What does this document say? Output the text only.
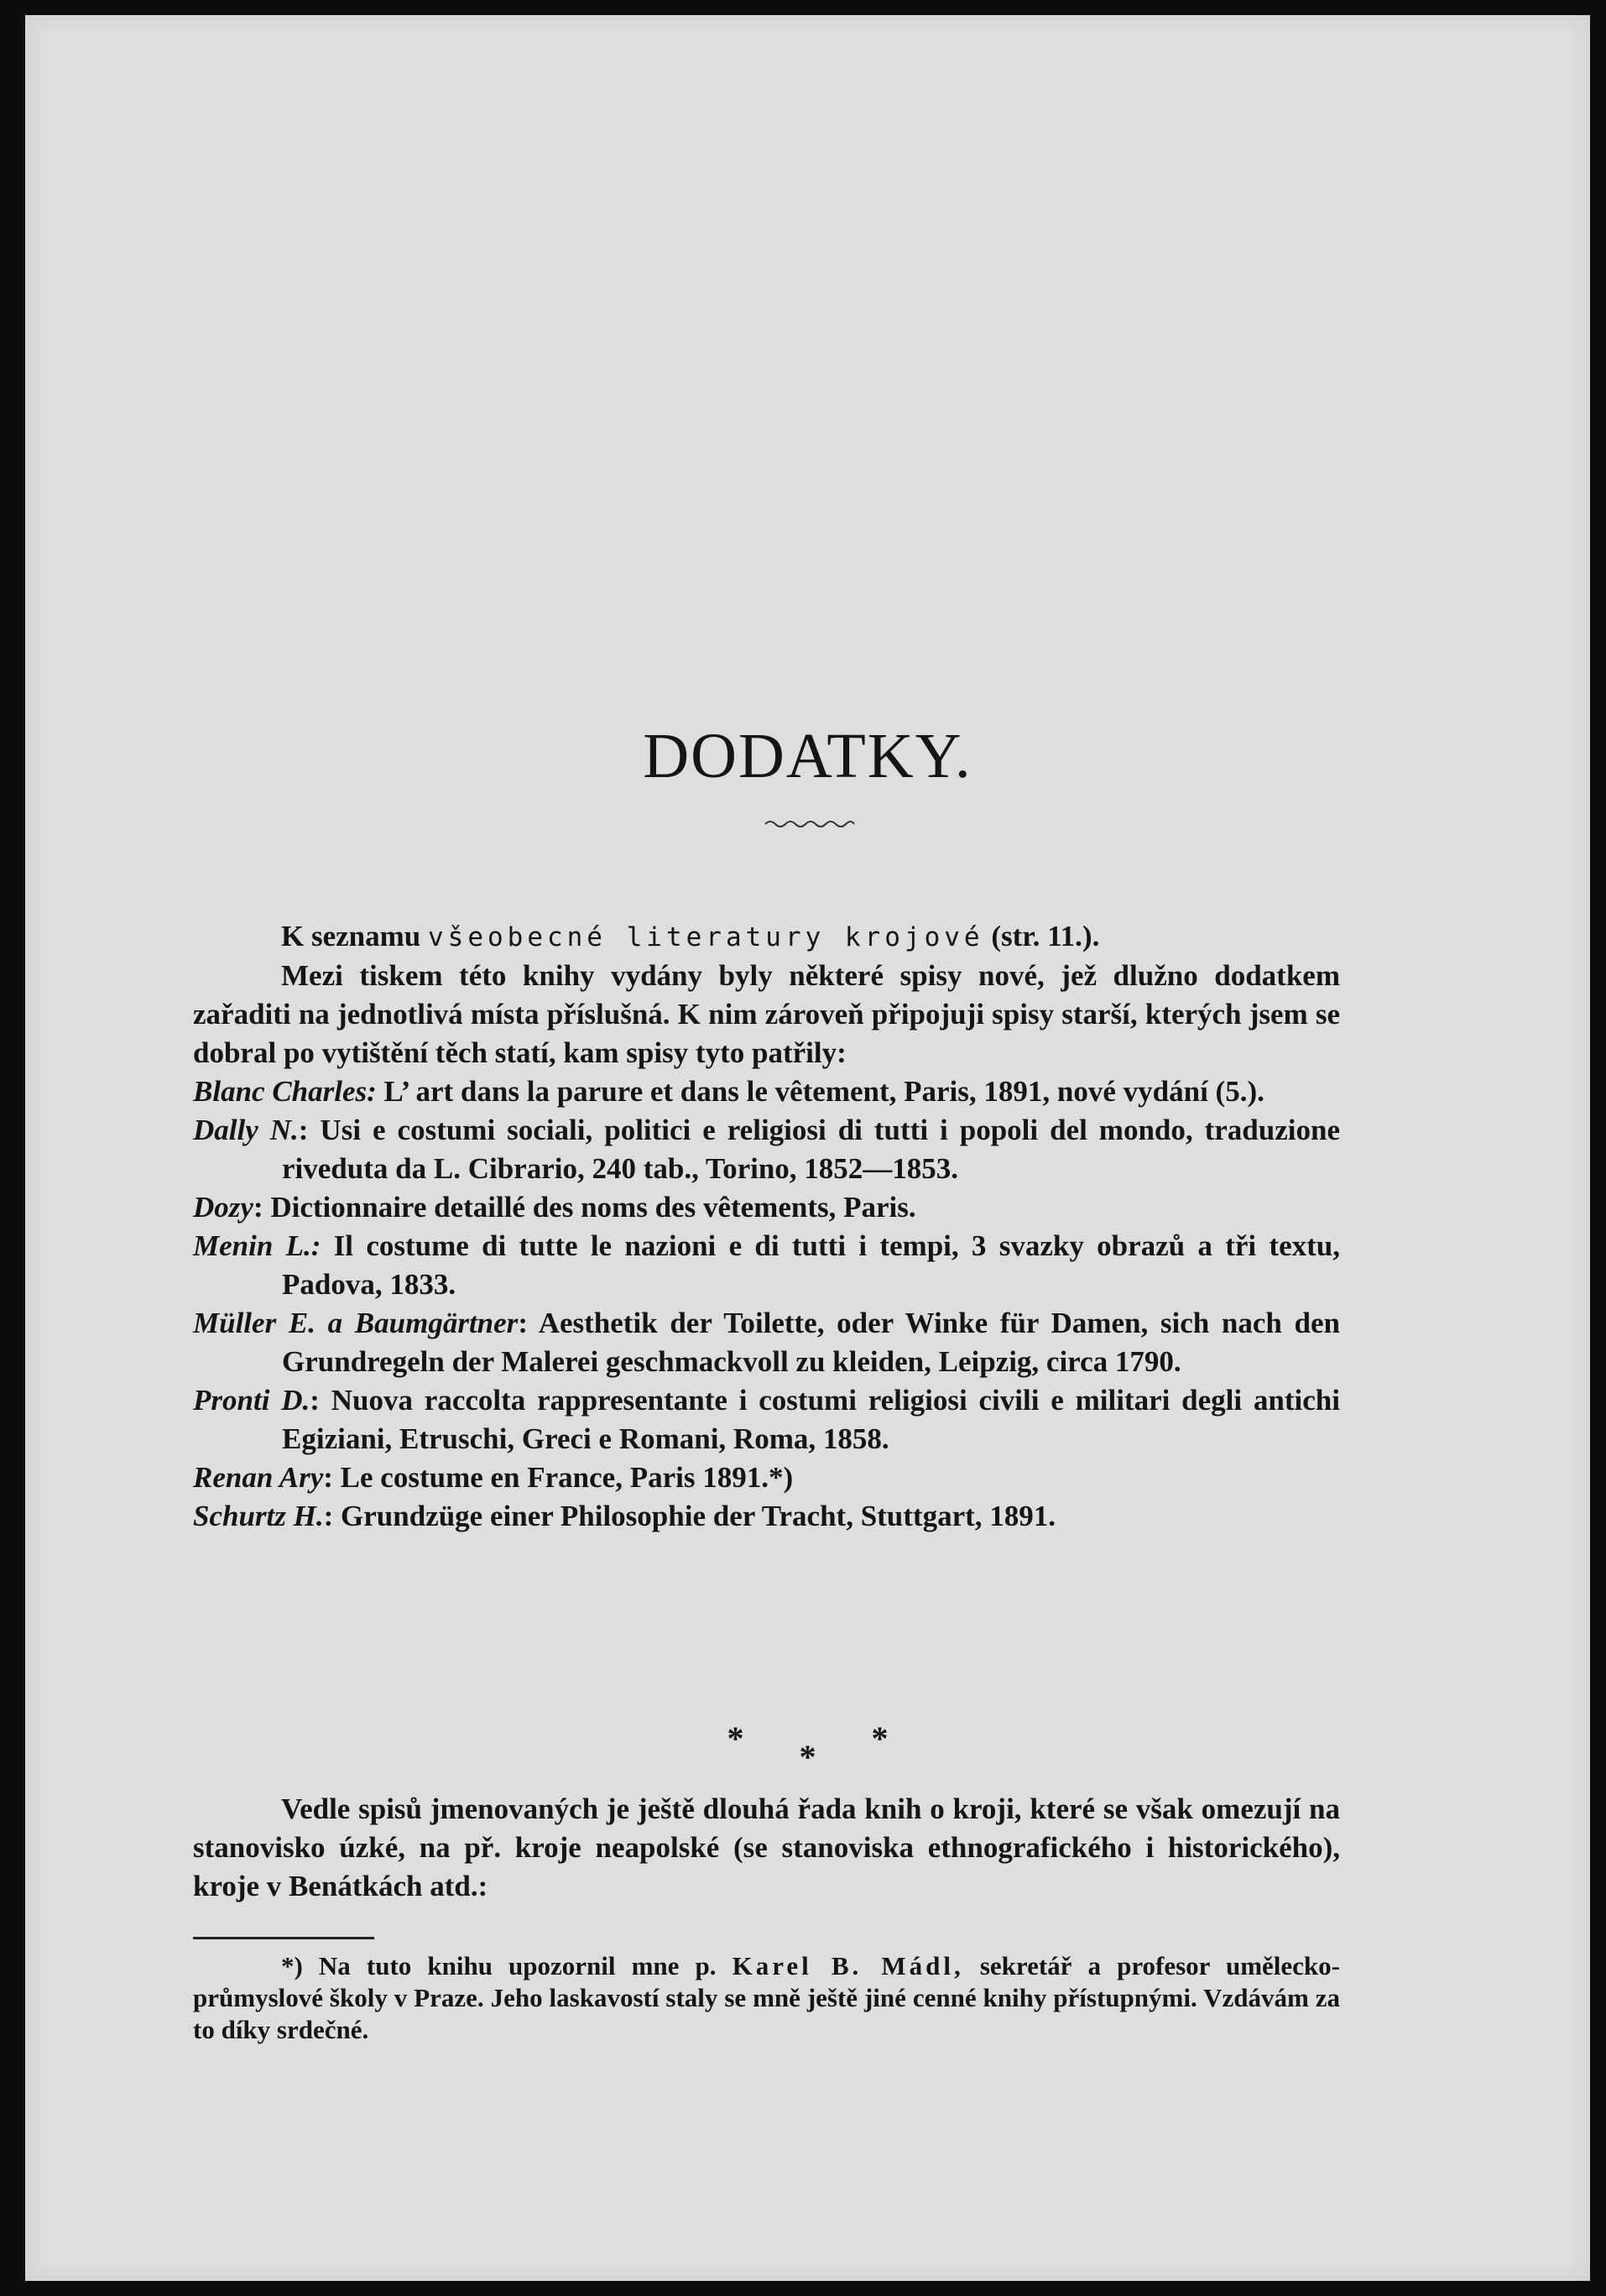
DODATKY.

K seznamu všeobecné literatury krojové (str. 11.).

Mezi tiskem této knihy vydány byly některé spisy nové, jež dlužno dodatkem zařaditi na jednotlivá místa příslušná. K nim zároveň připojuji spisy starší, kterých jsem se dobral po vytištění těch statí, kam spisy tyto patřily:

Blanc Charles: L’ art dans la parure et dans le vêtement, Paris, 1891, nové vydání (5.).

Dally N.: Usi e costumi sociali, politici e religiosi di tutti i popoli del mondo, traduzione riveduta da L. Cibrario, 240 tab., Torino, 1852—1853.

Dozy: Dictionnaire detaillé des noms des vêtements, Paris.

Menin L.: Il costume di tutte le nazioni e di tutti i tempi, 3 svazky obrazů a tři textu, Padova, 1833.

Müller E. a Baumgärtner: Aesthetik der Toilette, oder Winke für Damen, sich nach den Grundregeln der Malerei geschmackvoll zu kleiden, Leipzig, circa 1790.

Pronti D.: Nuova raccolta rappresentante i costumi religiosi civili e militari degli antichi Egiziani, Etruschi, Greci e Romani, Roma, 1858.

Renan Ary: Le costume en France, Paris 1891.*)

Schurtz H.: Grundzüge einer Philosophie der Tracht, Stuttgart, 1891.

* * *

Vedle spisů jmenovaných je ještě dlouhá řada knih o kroji, které se však omezují na stanovisko úzké, na př. kroje neapolské (se stanoviska ethnografického i historického), kroje v Benátkách atd.:

*) Na tuto knihu upozornil mne p. Karel B. Mádl, sekretář a profesor umělecko-průmyslové školy v Praze. Jeho laskavostí staly se mně ještě jiné cenné knihy přístupnými. Vzdávám za to díky srdečné.
